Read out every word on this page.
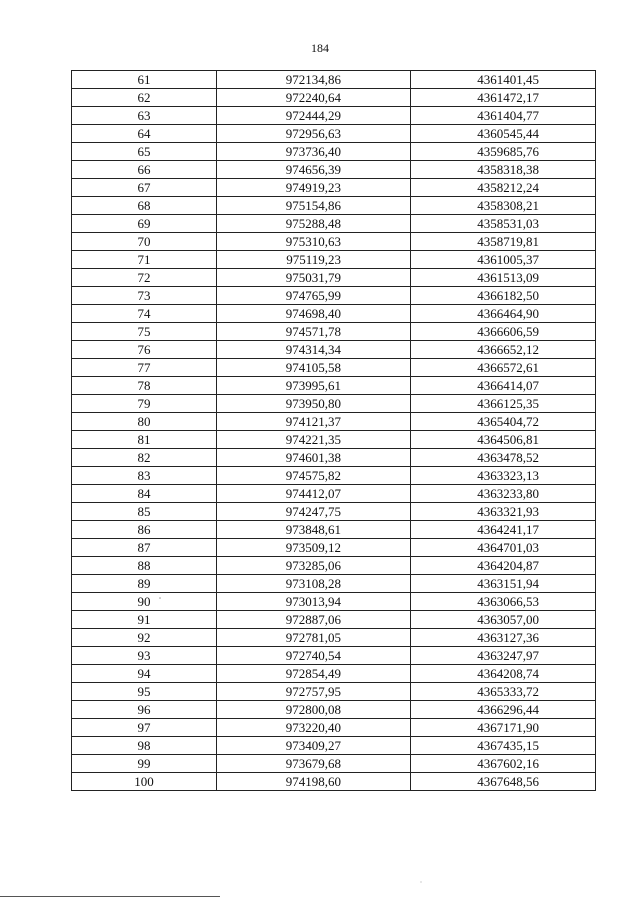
184
61	972134,86	4361401,45
62	972240,64	4361472,17
63	972444,29	4361404,77
64	972956,63	4360545,44
65	973736,40	4359685,76
66	974656,39	4358318,38
67	974919,23	4358212,24
68	975154,86	4358308,21
69	975288,48	4358531,03
70	975310,63	4358719,81
71	975119,23	4361005,37
72	975031,79	4361513,09
73	974765,99	4366182,50
74	974698,40	4366464,90
75	974571,78	4366606,59
76	974314,34	4366652,12
77	974105,58	4366572,61
78	973995,61	4366414,07
79	973950,80	4366125,35
80	974121,37	4365404,72
81	974221,35	4364506,81
82	974601,38	4363478,52
83	974575,82	4363323,13
84	974412,07	4363233,80
85	974247,75	4363321,93
86	973848,61	4364241,17
87	973509,12	4364701,03
88	973285,06	4364204,87
89	973108,28	4363151,94
90	973013,94	4363066,53
91	972887,06	4363057,00
92	972781,05	4363127,36
93	972740,54	4363247,97
94	972854,49	4364208,74
95	972757,95	4365333,72
96	972800,08	4366296,44
97	973220,40	4367171,90
98	973409,27	4367435,15
99	973679,68	4367602,16
100	974198,60	4367648,56
